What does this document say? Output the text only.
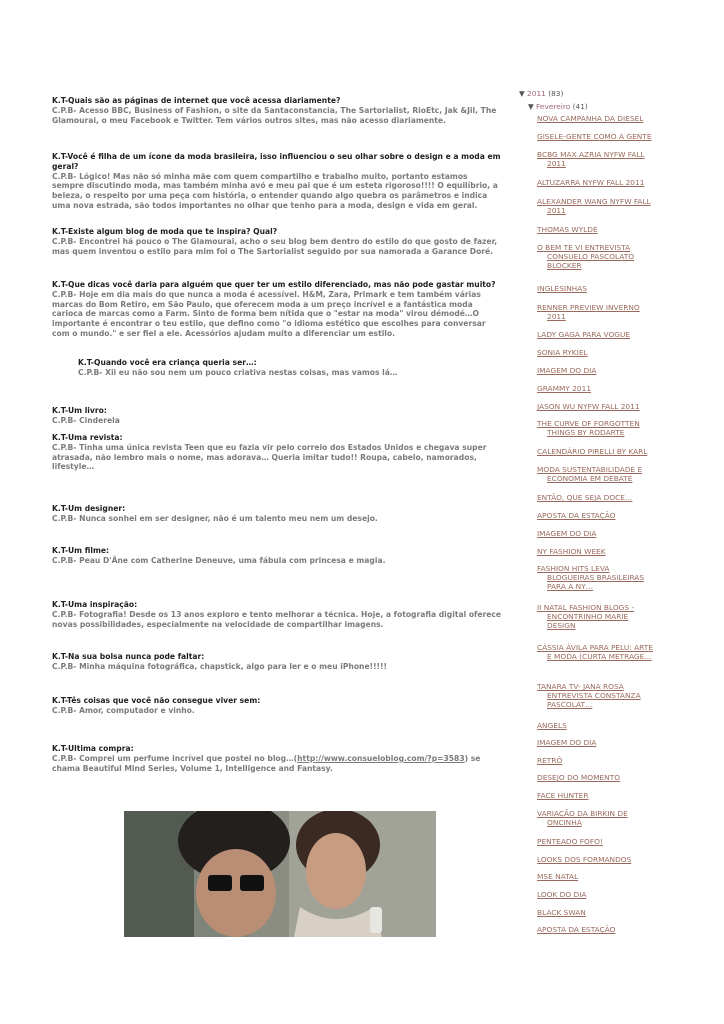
K.T-Quais são as páginas de internet que você acessa diariamente?
C.P.B- Acesso BBC, Business of Fashion, o site da Santaconstancia, The Sartorialist, RioEtc, Jak &Jil, The Glamourai, o meu Facebook e Twitter. Tem vários outros sites, mas não acesso diariamente.
K.T-Você é filha de um ícone da moda brasileira, isso influenciou o seu olhar sobre o design e a moda em geral?
C.P.B- Lógico! Mas não só minha mãe com quem compartilho e trabalho muito, portanto estamos sempre discutindo moda, mas também minha avó e meu pai que é um esteta rigoroso!!!! O equilíbrio, a beleza, o respeito por uma peça com história, o entender quando algo quebra os parâmetros e indica uma nova estrada, são todos importantes no olhar que tenho para a moda, design e vida em geral.
K.T-Existe algum blog de moda que te inspira? Qual?
C.P.B- Encontrei há pouco o The Glamourai, acho o seu blog bem dentro do estilo do que gosto de fazer, mas quem inventou o estilo para mim foi o The Sartorialist seguido por sua namorada a Garance Doré.
K.T-Que dicas você daria para alguém que quer ter um estilo diferenciado, mas não pode gastar muito?
C.P.B- Hoje em dia mais do que nunca a moda é acessível. H&M, Zara, Primark e tem também várias marcas do Bom Retiro, em São Paulo, que oferecem moda a um preço incrível e a fantástica moda carioca de marcas como a Farm. Sinto de forma bem nítida que o "estar na moda" virou démodé…O importante é encontrar o teu estilo, que defino como "o idioma estético que escolhes para conversar com o mundo." e ser fiel a ele. Acessórios ajudam muito a diferenciar um estilo.
K.T-Quando você era criança queria ser…:
C.P.B- Xii eu não sou nem um pouco criativa nestas coisas, mas vamos lá…
K.T-Um livro:
C.P.B- Cinderela
K.T-Uma revista:
C.P.B- Tinha uma única revista Teen que eu fazia vir pelo correio dos Estados Unidos e chegava super atrasada, não lembro mais o nome, mas adorava… Queria imitar tudo!! Roupa, cabelo, namorados, lifestyle…
K.T-Um designer:
C.P.B- Nunca sonhei em ser designer, não é um talento meu nem um desejo.
K.T-Um filme:
C.P.B- Peau D'Âne com Catherine Deneuve, uma fábula com princesa e magia.
K.T-Uma inspiração:
C.P.B- Fotografia! Desde os 13 anos exploro e tento melhorar a técnica. Hoje, a fotografia digital oferece novas possibilidades, especialmente na velocidade de compartilhar imagens.
K.T-Na sua bolsa nunca pode faltar:
C.P.B- Minha máquina fotográfica, chapstick, algo para ler e o meu iPhone!!!!!
K.T-Tês coisas que você não consegue viver sem:
C.P.B- Amor, computador e vinho.
K.T-Ultima compra:
C.P.B- Comprei um perfume incrível que postei no blog…(http://www.consueloblog.com/?p=3583) se chama Beautiful Mind Series, Volume 1, Intelligence and Fantasy.
▼ 2011 (83)
▼ Fevereiro (41)
NOVA CAMPANHA DA DIESEL
GISELE-GENTE COMO A GENTE
BCBG MAX AZRIA NYFW FALL
2011
ALTUZARRA NYFW FALL 2011
ALEXANDER WANG NYFW FALL
2011
THOMAS WYLDE
O BEM TE VI ENTREVISTA
CONSUELO PASCOLATO
BLOCKER
INGLESINHAS
RENNER PREVIEW INVERNO
2011
LADY GAGA PARA VOGUE
SONIA RYKIEL
IMAGEM DO DIA
GRAMMY 2011
JASON WU NYFW FALL 2011
THE CURVE OF FORGOTTEN
THINGS BY RODARTE
CALENDÁRIO PIRELLI BY KARL
MODA SUSTENTABILIDADE E
ECONOMIA EM DEBATE
ENTÃO, QUE SEJA DOCE…
APOSTA DA ESTAÇÃO
IMAGEM DO DIA
NY FASHION WEEK
FASHION HITS LEVA
BLOGUEIRAS BRASILEIRAS
PARA A NY…
II NATAL FASHION BLOGS -
ENCONTRINHO MARIE
DESIGN
CÁSSIA ÁVILA PARA PELU: ARTE
E MODA (CURTA METRAGE…
TANARA TV- JANA ROSA
ENTREVISTA CONSTANZA
PASCOLAT…
ANGELS
IMAGEM DO DIA
RETRÔ
DESEJO DO MOMENTO
FACE HUNTER
VARIAÇÃO DA BIRKIN DE
ONCINHA
PENTEADO FOFO!
LOOKS DOS FORMANDOS
MSE NATAL
LOOK DO DIA
BLACK SWAN
APOSTA DA ESTAÇÃO
